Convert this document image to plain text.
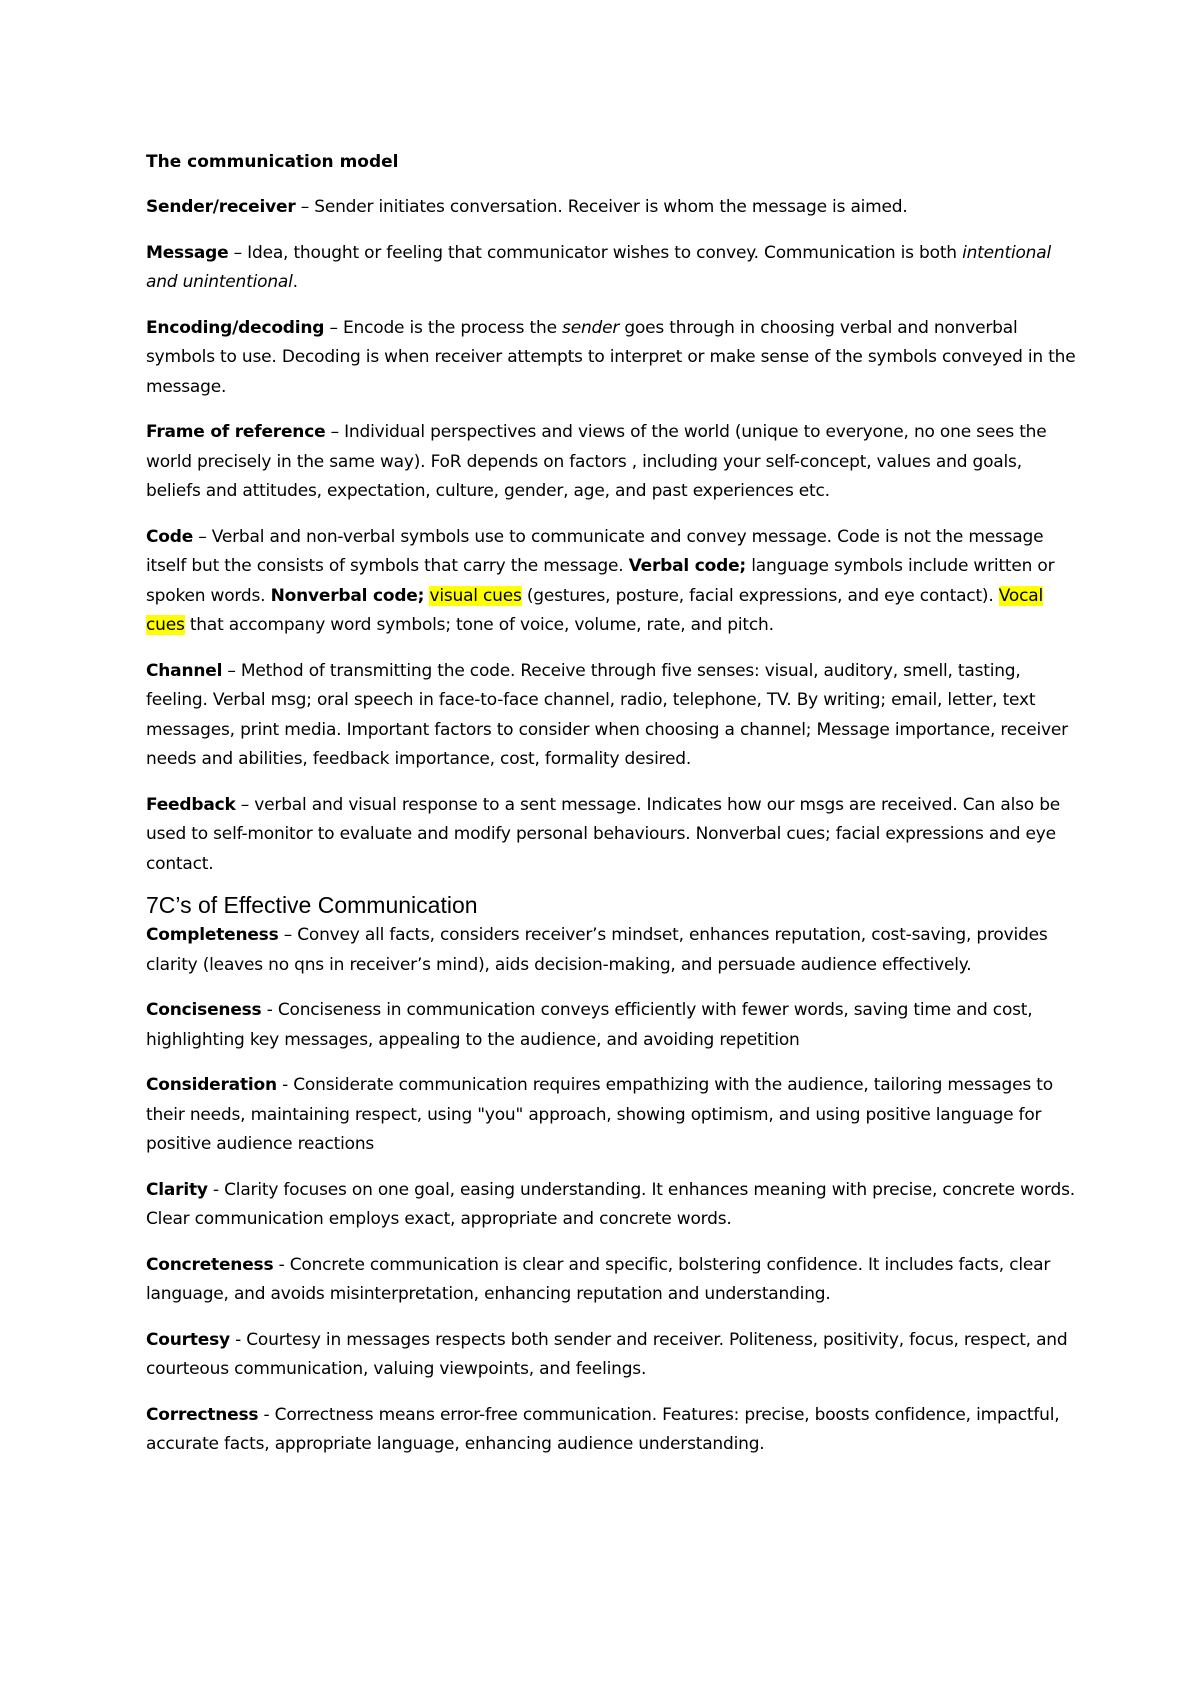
The communication model

Sender/receiver – Sender initiates conversation. Receiver is whom the message is aimed.

Message – Idea, thought or feeling that communicator wishes to convey. Communication is both intentional and unintentional.

Encoding/decoding – Encode is the process the sender goes through in choosing verbal and nonverbal symbols to use. Decoding is when receiver attempts to interpret or make sense of the symbols conveyed in the message.

Frame of reference – Individual perspectives and views of the world (unique to everyone, no one sees the world precisely in the same way). FoR depends on factors , including your self-concept, values and goals, beliefs and attitudes, expectation, culture, gender, age, and past experiences etc.

Code – Verbal and non-verbal symbols use to communicate and convey message. Code is not the message itself but the consists of symbols that carry the message. Verbal code; language symbols include written or spoken words. Nonverbal code; visual cues (gestures, posture, facial expressions, and eye contact). Vocal cues that accompany word symbols; tone of voice, volume, rate, and pitch.

Channel – Method of transmitting the code. Receive through five senses: visual, auditory, smell, tasting, feeling. Verbal msg; oral speech in face-to-face channel, radio, telephone, TV. By writing; email, letter, text messages, print media. Important factors to consider when choosing a channel; Message importance, receiver needs and abilities, feedback importance, cost, formality desired.

Feedback – verbal and visual response to a sent message. Indicates how our msgs are received. Can also be used to self-monitor to evaluate and modify personal behaviours. Nonverbal cues; facial expressions and eye contact.

7C’s of Effective Communication

Completeness – Convey all facts, considers receiver’s mindset, enhances reputation, cost-saving, provides clarity (leaves no qns in receiver’s mind), aids decision-making, and persuade audience effectively.

Conciseness - Conciseness in communication conveys efficiently with fewer words, saving time and cost, highlighting key messages, appealing to the audience, and avoiding repetition

Consideration - Considerate communication requires empathizing with the audience, tailoring messages to their needs, maintaining respect, using "you" approach, showing optimism, and using positive language for positive audience reactions

Clarity - Clarity focuses on one goal, easing understanding. It enhances meaning with precise, concrete words. Clear communication employs exact, appropriate and concrete words.

Concreteness - Concrete communication is clear and specific, bolstering confidence. It includes facts, clear language, and avoids misinterpretation, enhancing reputation and understanding.

Courtesy - Courtesy in messages respects both sender and receiver. Politeness, positivity, focus, respect, and courteous communication, valuing viewpoints, and feelings.

Correctness - Correctness means error-free communication. Features: precise, boosts confidence, impactful, accurate facts, appropriate language, enhancing audience understanding.
